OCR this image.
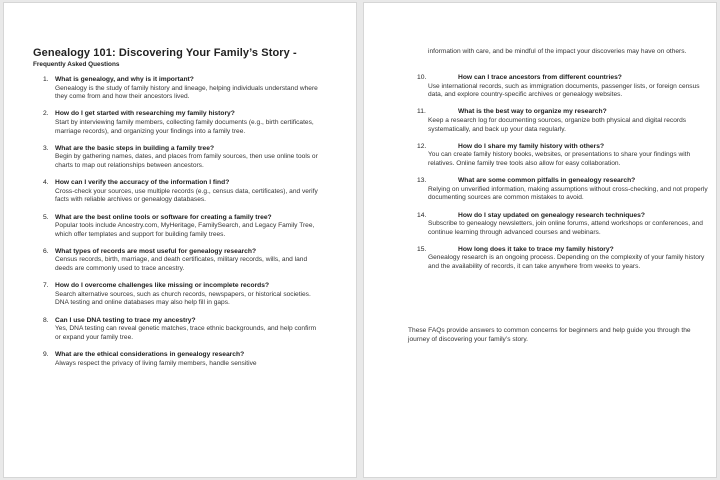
Genealogy 101: Discovering Your Family’s Story -
Frequently Asked Questions
1. What is genealogy, and why is it important?
Genealogy is the study of family history and lineage, helping individuals understand where they come from and how their ancestors lived.
2. How do I get started with researching my family history?
Start by interviewing family members, collecting family documents (e.g., birth certificates, marriage records), and organizing your findings into a family tree.
3. What are the basic steps in building a family tree?
Begin by gathering names, dates, and places from family sources, then use online tools or charts to map out relationships between ancestors.
4. How can I verify the accuracy of the information I find?
Cross-check your sources, use multiple records (e.g., census data, certificates), and verify facts with reliable archives or genealogy databases.
5. What are the best online tools or software for creating a family tree?
Popular tools include Ancestry.com, MyHeritage, FamilySearch, and Legacy Family Tree, which offer templates and support for building family trees.
6. What types of records are most useful for genealogy research?
Census records, birth, marriage, and death certificates, military records, wills, and land deeds are commonly used to trace ancestry.
7. How do I overcome challenges like missing or incomplete records?
Search alternative sources, such as church records, newspapers, or historical societies. DNA testing and online databases may also help fill in gaps.
8. Can I use DNA testing to trace my ancestry?
Yes, DNA testing can reveal genetic matches, trace ethnic backgrounds, and help confirm or expand your family tree.
9. What are the ethical considerations in genealogy research?
Always respect the privacy of living family members, handle sensitive
information with care, and be mindful of the impact your discoveries may have on others.
10.	How can I trace ancestors from different countries?
Use international records, such as immigration documents, passenger lists, or foreign census data, and explore country-specific archives or genealogy websites.
11.	What is the best way to organize my research?
Keep a research log for documenting sources, organize both physical and digital records systematically, and back up your data regularly.
12.	How do I share my family history with others?
You can create family history books, websites, or presentations to share your findings with relatives. Online family tree tools also allow for easy collaboration.
13.	What are some common pitfalls in genealogy research?
Relying on unverified information, making assumptions without cross-checking, and not properly documenting sources are common mistakes to avoid.
14.	How do I stay updated on genealogy research techniques?
Subscribe to genealogy newsletters, join online forums, attend workshops or conferences, and continue learning through advanced courses and webinars.
15.	How long does it take to trace my family history?
Genealogy research is an ongoing process. Depending on the complexity of your family history and the availability of records, it can take anywhere from weeks to years.
These FAQs provide answers to common concerns for beginners and help guide you through the journey of discovering your family’s story.
